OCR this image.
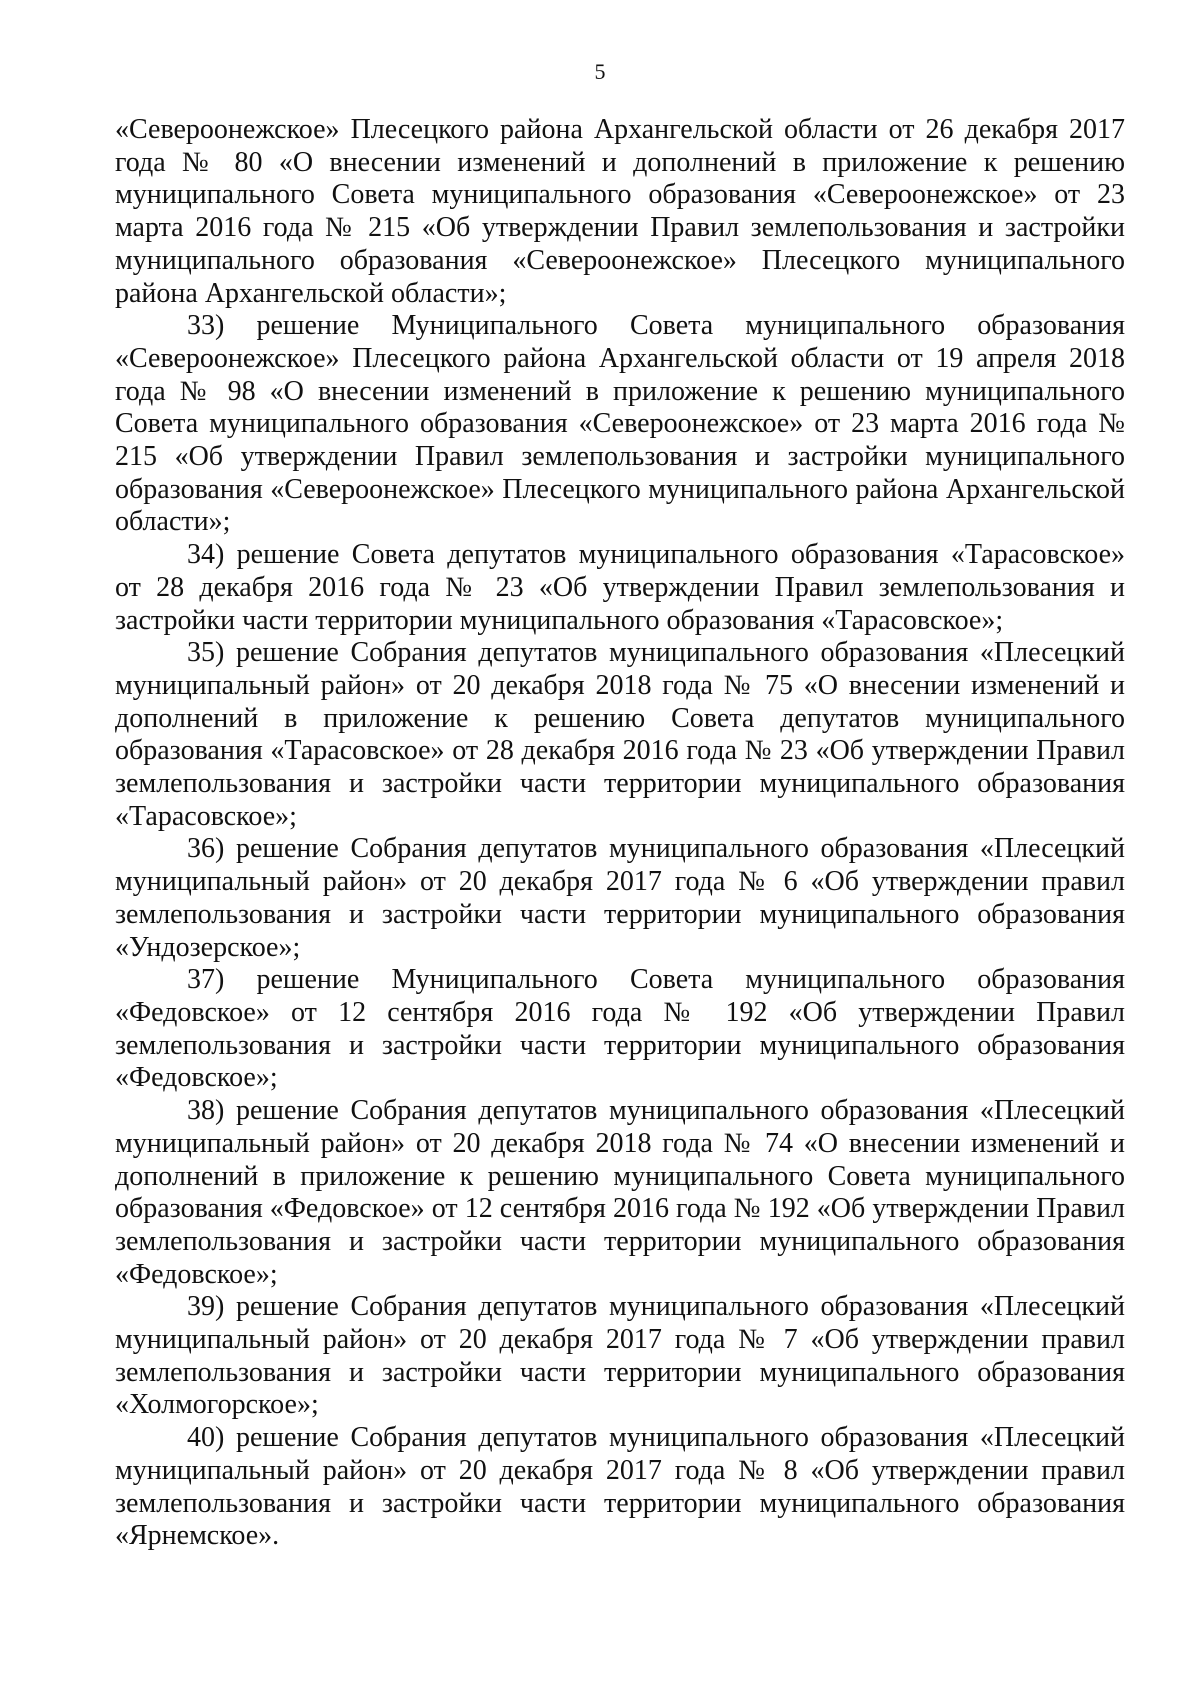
5

«Североонежское» Плесецкого района Архангельской области от 26 декабря 2017 года № 80 «О внесении изменений и дополнений в приложение к решению муниципального Совета муниципального образования «Североонежское» от 23 марта 2016 года № 215 «Об утверждении Правил землепользования и застройки муниципального образования «Североонежское» Плесецкого муниципального района Архангельской области»;

33) решение Муниципального Совета муниципального образования «Североонежское» Плесецкого района Архангельской области от 19 апреля 2018 года № 98 «О внесении изменений в приложение к решению муниципального Совета муниципального образования «Североонежское» от 23 марта 2016 года № 215 «Об утверждении Правил землепользования и застройки муниципального образования «Североонежское» Плесецкого муниципального района Архангельской области»;

34) решение Совета депутатов муниципального образования «Тарасовское» от 28 декабря 2016 года № 23 «Об утверждении Правил землепользования и застройки части территории муниципального образования «Тарасовское»;

35) решение Собрания депутатов муниципального образования «Плесецкий муниципальный район» от 20 декабря 2018 года № 75 «О внесении изменений и дополнений в приложение к решению Совета депутатов муниципального образования «Тарасовское» от 28 декабря 2016 года № 23 «Об утверждении Правил землепользования и застройки части территории муниципального образования «Тарасовское»;

36) решение Собрания депутатов муниципального образования «Плесецкий муниципальный район» от 20 декабря 2017 года № 6 «Об утверждении правил землепользования и застройки части территории муниципального образования «Ундозерское»;

37) решение Муниципального Совета муниципального образования «Федовское» от 12 сентября 2016 года № 192 «Об утверждении Правил землепользования и застройки части территории муниципального образования «Федовское»;

38) решение Собрания депутатов муниципального образования «Плесецкий муниципальный район» от 20 декабря 2018 года № 74 «О внесении изменений и дополнений в приложение к решению муниципального Совета муниципального образования «Федовское» от 12 сентября 2016 года № 192 «Об утверждении Правил землепользования и застройки части территории муниципального образования «Федовское»;

39) решение Собрания депутатов муниципального образования «Плесецкий муниципальный район» от 20 декабря 2017 года № 7 «Об утверждении правил землепользования и застройки части территории муниципального образования «Холмогорское»;

40) решение Собрания депутатов муниципального образования «Плесецкий муниципальный район» от 20 декабря 2017 года № 8 «Об утверждении правил землепользования и застройки части территории муниципального образования «Ярнемское».
